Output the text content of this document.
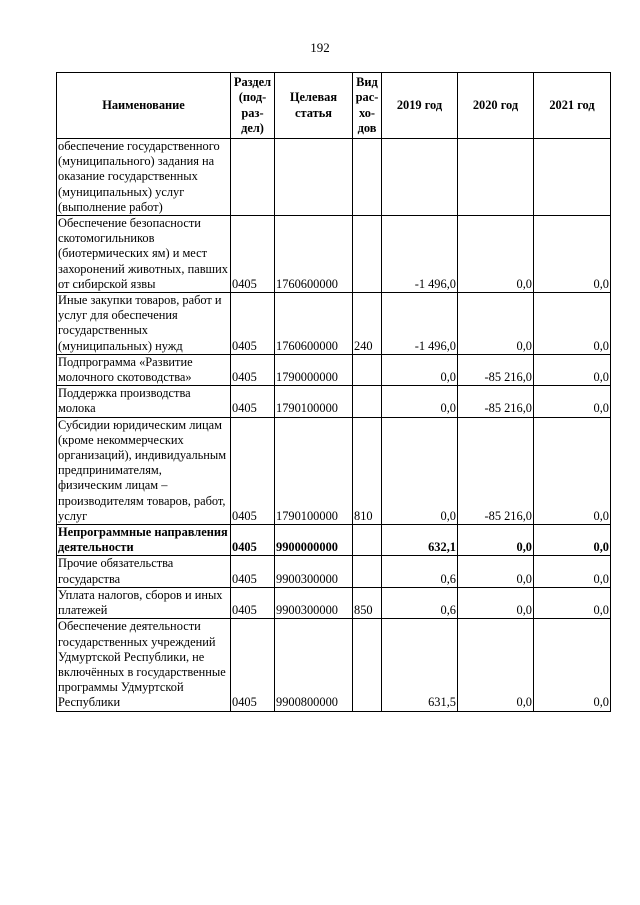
192
Наименование	Раздел (под- раз- дел)	Целевая статья	Вид рас- хо- дов	2019 год	2020 год	2021 год
обеспечение государственного (муниципального) задания на оказание государственных (муниципальных) услуг (выполнение работ)						
Обеспечение безопасности скотомогильников (биотермических ям) и мест захоронений животных, павших от сибирской язвы	0405	1760600000		-1 496,0	0,0	0,0
Иные закупки товаров, работ и услуг для обеспечения государственных (муниципальных) нужд	0405	1760600000	240	-1 496,0	0,0	0,0
Подпрограмма «Развитие молочного скотоводства»	0405	1790000000		0,0	-85 216,0	0,0
Поддержка производства молока	0405	1790100000		0,0	-85 216,0	0,0
Субсидии юридическим лицам (кроме некоммерческих организаций), индивидуальным предпринимателям, физическим лицам – производителям товаров, работ, услуг	0405	1790100000	810	0,0	-85 216,0	0,0
Непрограммные направления деятельности	0405	9900000000		632,1	0,0	0,0
Прочие обязательства государства	0405	9900300000		0,6	0,0	0,0
Уплата налогов, сборов и иных платежей	0405	9900300000	850	0,6	0,0	0,0
Обеспечение деятельности государственных учреждений Удмуртской Республики, не включённых в государственные программы Удмуртской Республики	0405	9900800000		631,5	0,0	0,0
